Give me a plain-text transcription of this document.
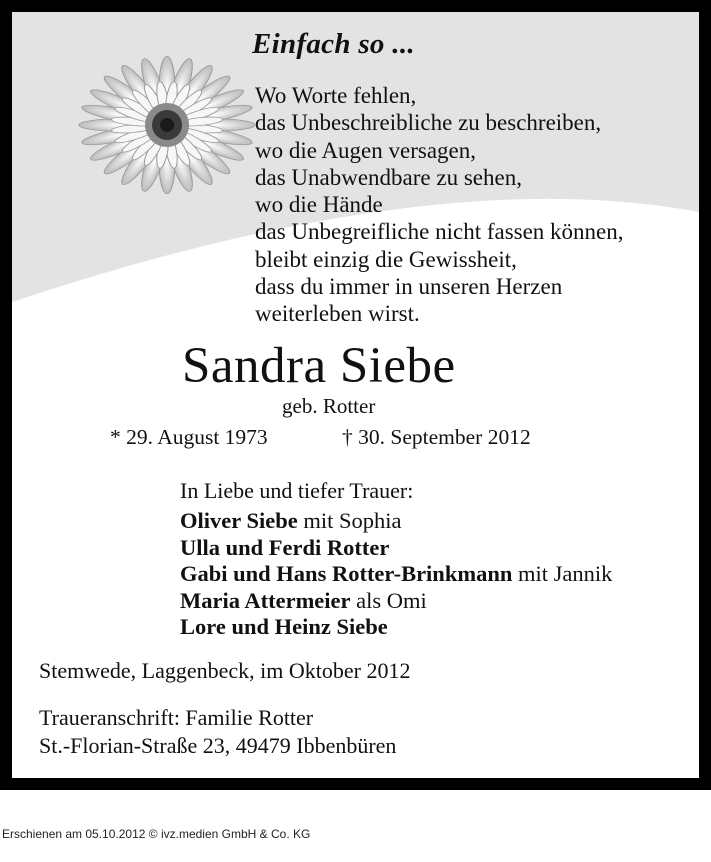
Einfach so ...
Wo Worte fehlen,
das Unbeschreibliche zu beschreiben,
wo die Augen versagen,
das Unabwendbare zu sehen,
wo die Hände
das Unbegreifliche nicht fassen können,
bleibt einzig die Gewissheit,
dass du immer in unseren Herzen
weiterleben wirst.
Sandra Siebe
geb. Rotter
* 29. August 1973	† 30. September 2012
In Liebe und tiefer Trauer:
Oliver Siebe mit Sophia
Ulla und Ferdi Rotter
Gabi und Hans Rotter-Brinkmann mit Jannik
Maria Attermeier als Omi
Lore und Heinz Siebe
Stemwede, Laggenbeck, im Oktober 2012
Traueranschrift: Familie Rotter
St.-Florian-Straße 23, 49479 Ibbenbüren
Erschienen am 05.10.2012 © ivz.medien GmbH & Co. KG
